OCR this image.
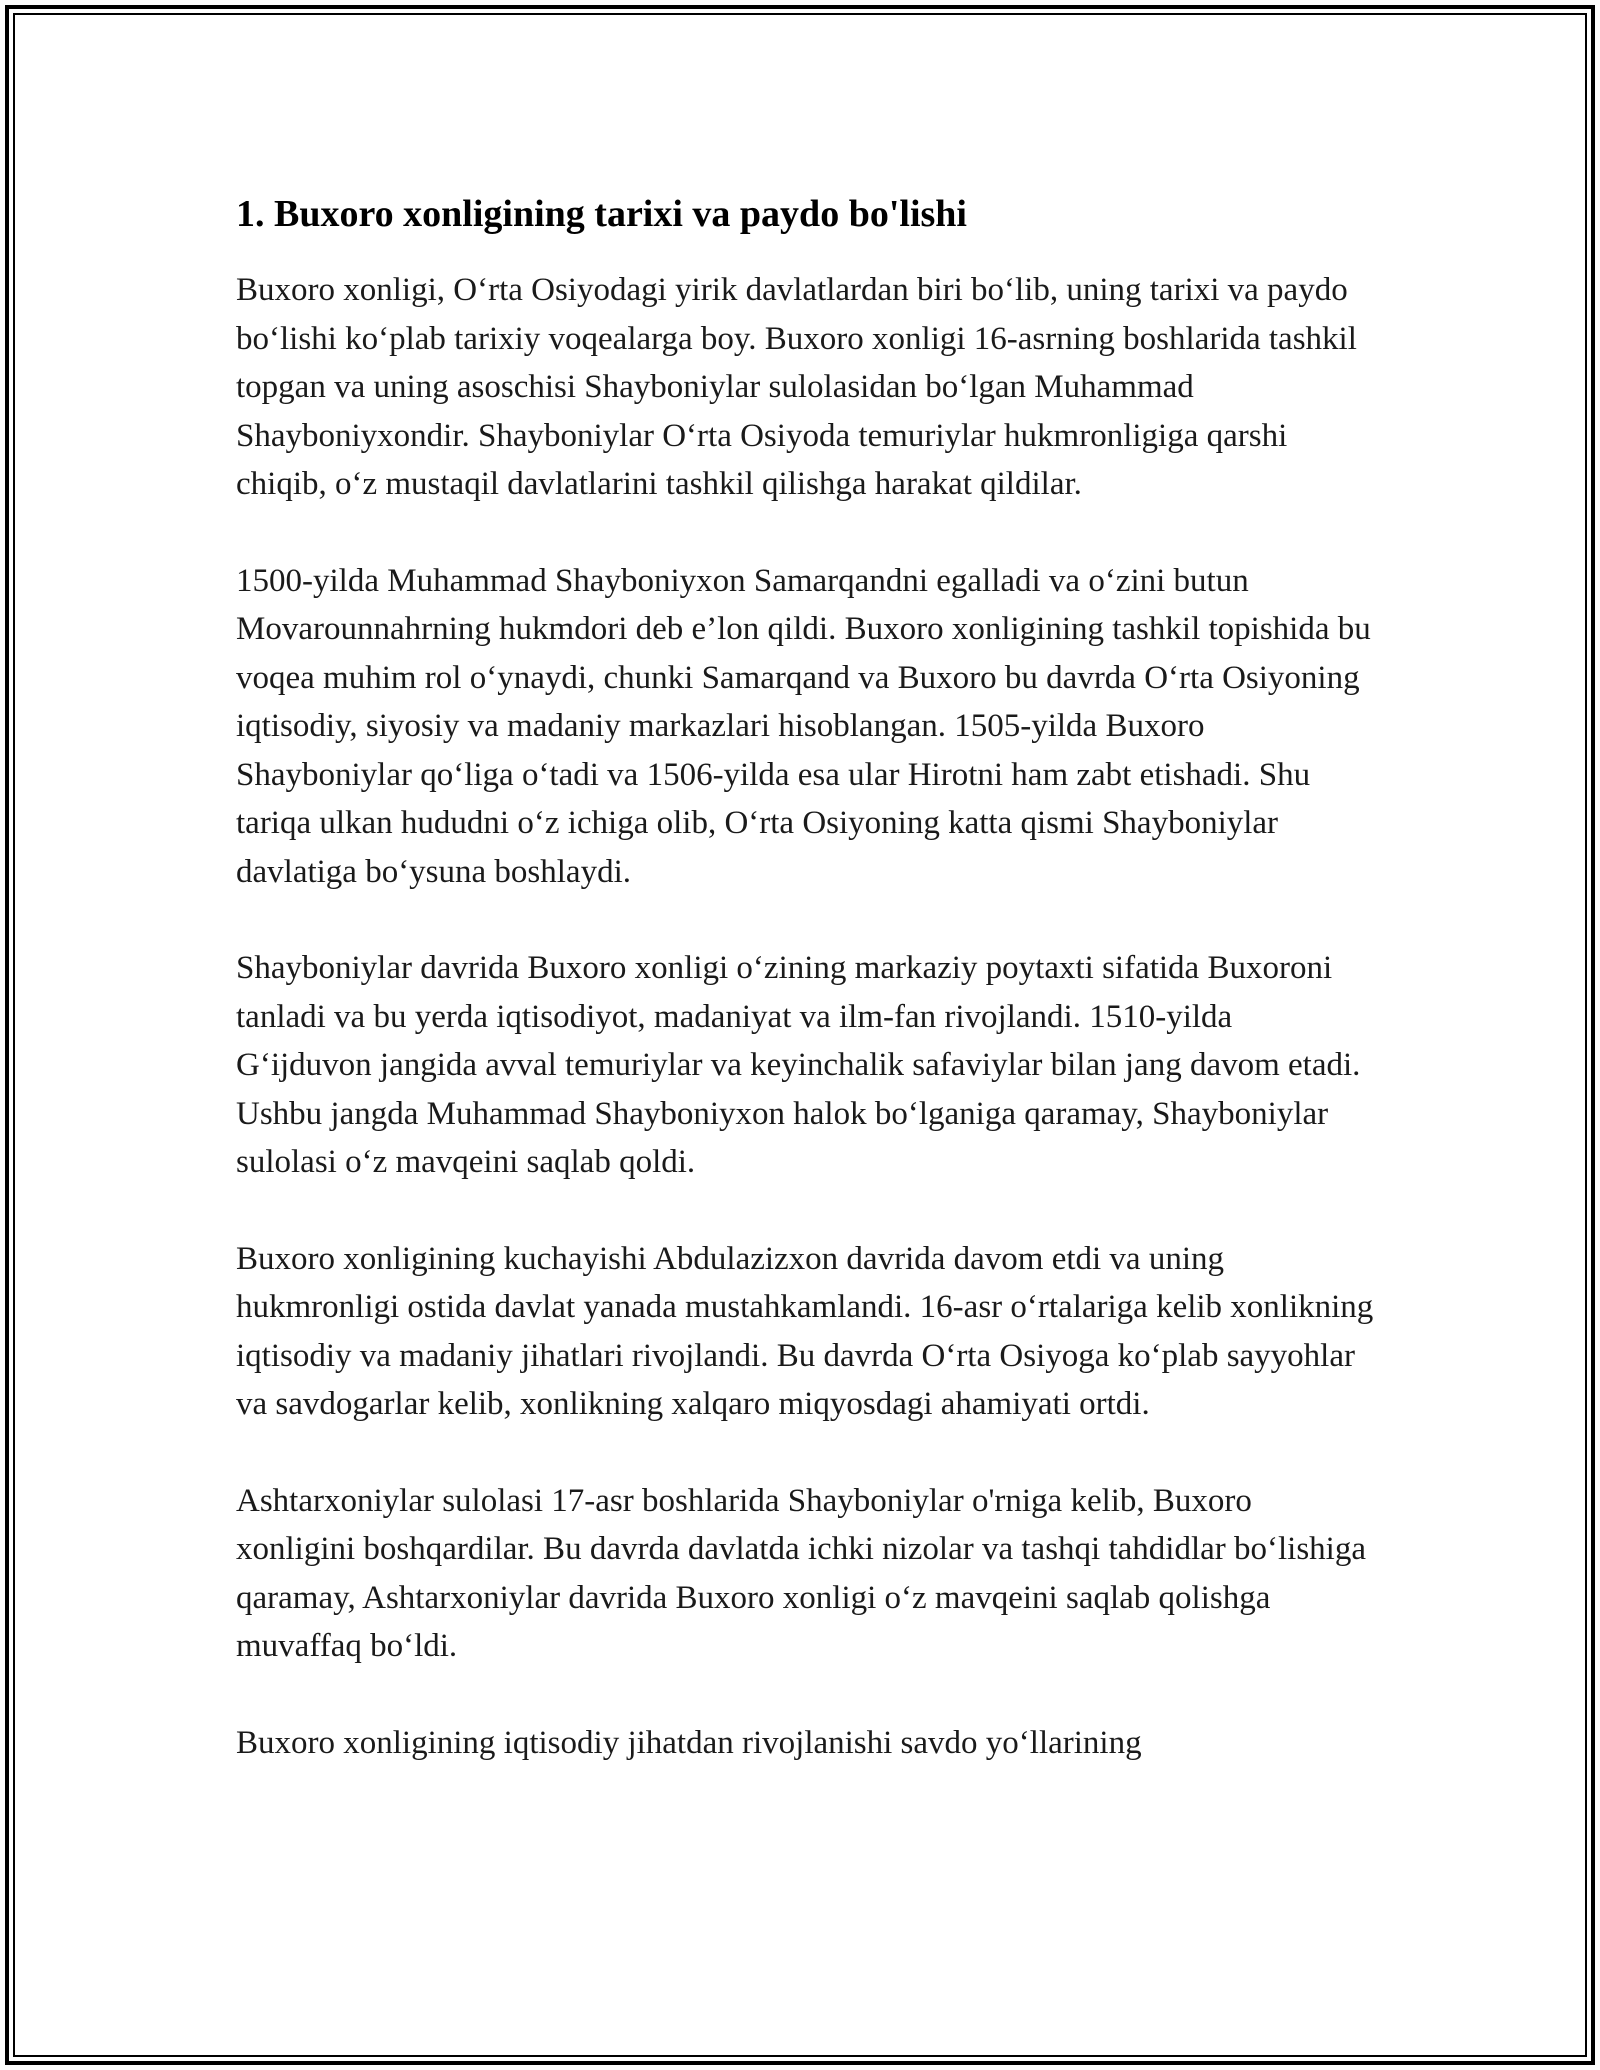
1. Buxoro xonligining tarixi va paydo bo'lishi

Buxoro xonligi, O‘rta Osiyodagi yirik davlatlardan biri bo‘lib, uning tarixi va paydo bo‘lishi ko‘plab tarixiy voqealarga boy. Buxoro xonligi 16-asrning boshlarida tashkil topgan va uning asoschisi Shayboniylar sulolasidan bo‘lgan Muhammad Shayboniyxondir. Shayboniylar O‘rta Osiyoda temuriylar hukmronligiga qarshi chiqib, o‘z mustaqil davlatlarini tashkil qilishga harakat qildilar.

1500-yilda Muhammad Shayboniyxon Samarqandni egalladi va o‘zini butun Movarounnahrning hukmdori deb e’lon qildi. Buxoro xonligining tashkil topishida bu voqea muhim rol o‘ynaydi, chunki Samarqand va Buxoro bu davrda O‘rta Osiyoning iqtisodiy, siyosiy va madaniy markazlari hisoblangan. 1505-yilda Buxoro Shayboniylar qo‘liga o‘tadi va 1506-yilda esa ular Hirotni ham zabt etishadi. Shu tariqa ulkan hududni o‘z ichiga olib, O‘rta Osiyoning katta qismi Shayboniylar davlatiga bo‘ysuna boshlaydi.

Shayboniylar davrida Buxoro xonligi o‘zining markaziy poytaxti sifatida Buxoroni tanladi va bu yerda iqtisodiyot, madaniyat va ilm-fan rivojlandi. 1510-yilda G‘ijduvon jangida avval temuriylar va keyinchalik safaviylar bilan jang davom etadi. Ushbu jangda Muhammad Shayboniyxon halok bo‘lganiga qaramay, Shayboniylar sulolasi o‘z mavqeini saqlab qoldi.

Buxoro xonligining kuchayishi Abdulazizxon davrida davom etdi va uning hukmronligi ostida davlat yanada mustahkamlandi. 16-asr o‘rtalariga kelib xonlikning iqtisodiy va madaniy jihatlari rivojlandi. Bu davrda O‘rta Osiyoga ko‘plab sayyohlar va savdogarlar kelib, xonlikning xalqaro miqyosdagi ahamiyati ortdi.

Ashtarxoniylar sulolasi 17-asr boshlarida Shayboniylar o'rniga kelib, Buxoro xonligini boshqardilar. Bu davrda davlatda ichki nizolar va tashqi tahdidlar bo‘lishiga qaramay, Ashtarxoniylar davrida Buxoro xonligi o‘z mavqeini saqlab qolishga muvaffaq bo‘ldi.

Buxoro xonligining iqtisodiy jihatdan rivojlanishi savdo yo‘llarining
